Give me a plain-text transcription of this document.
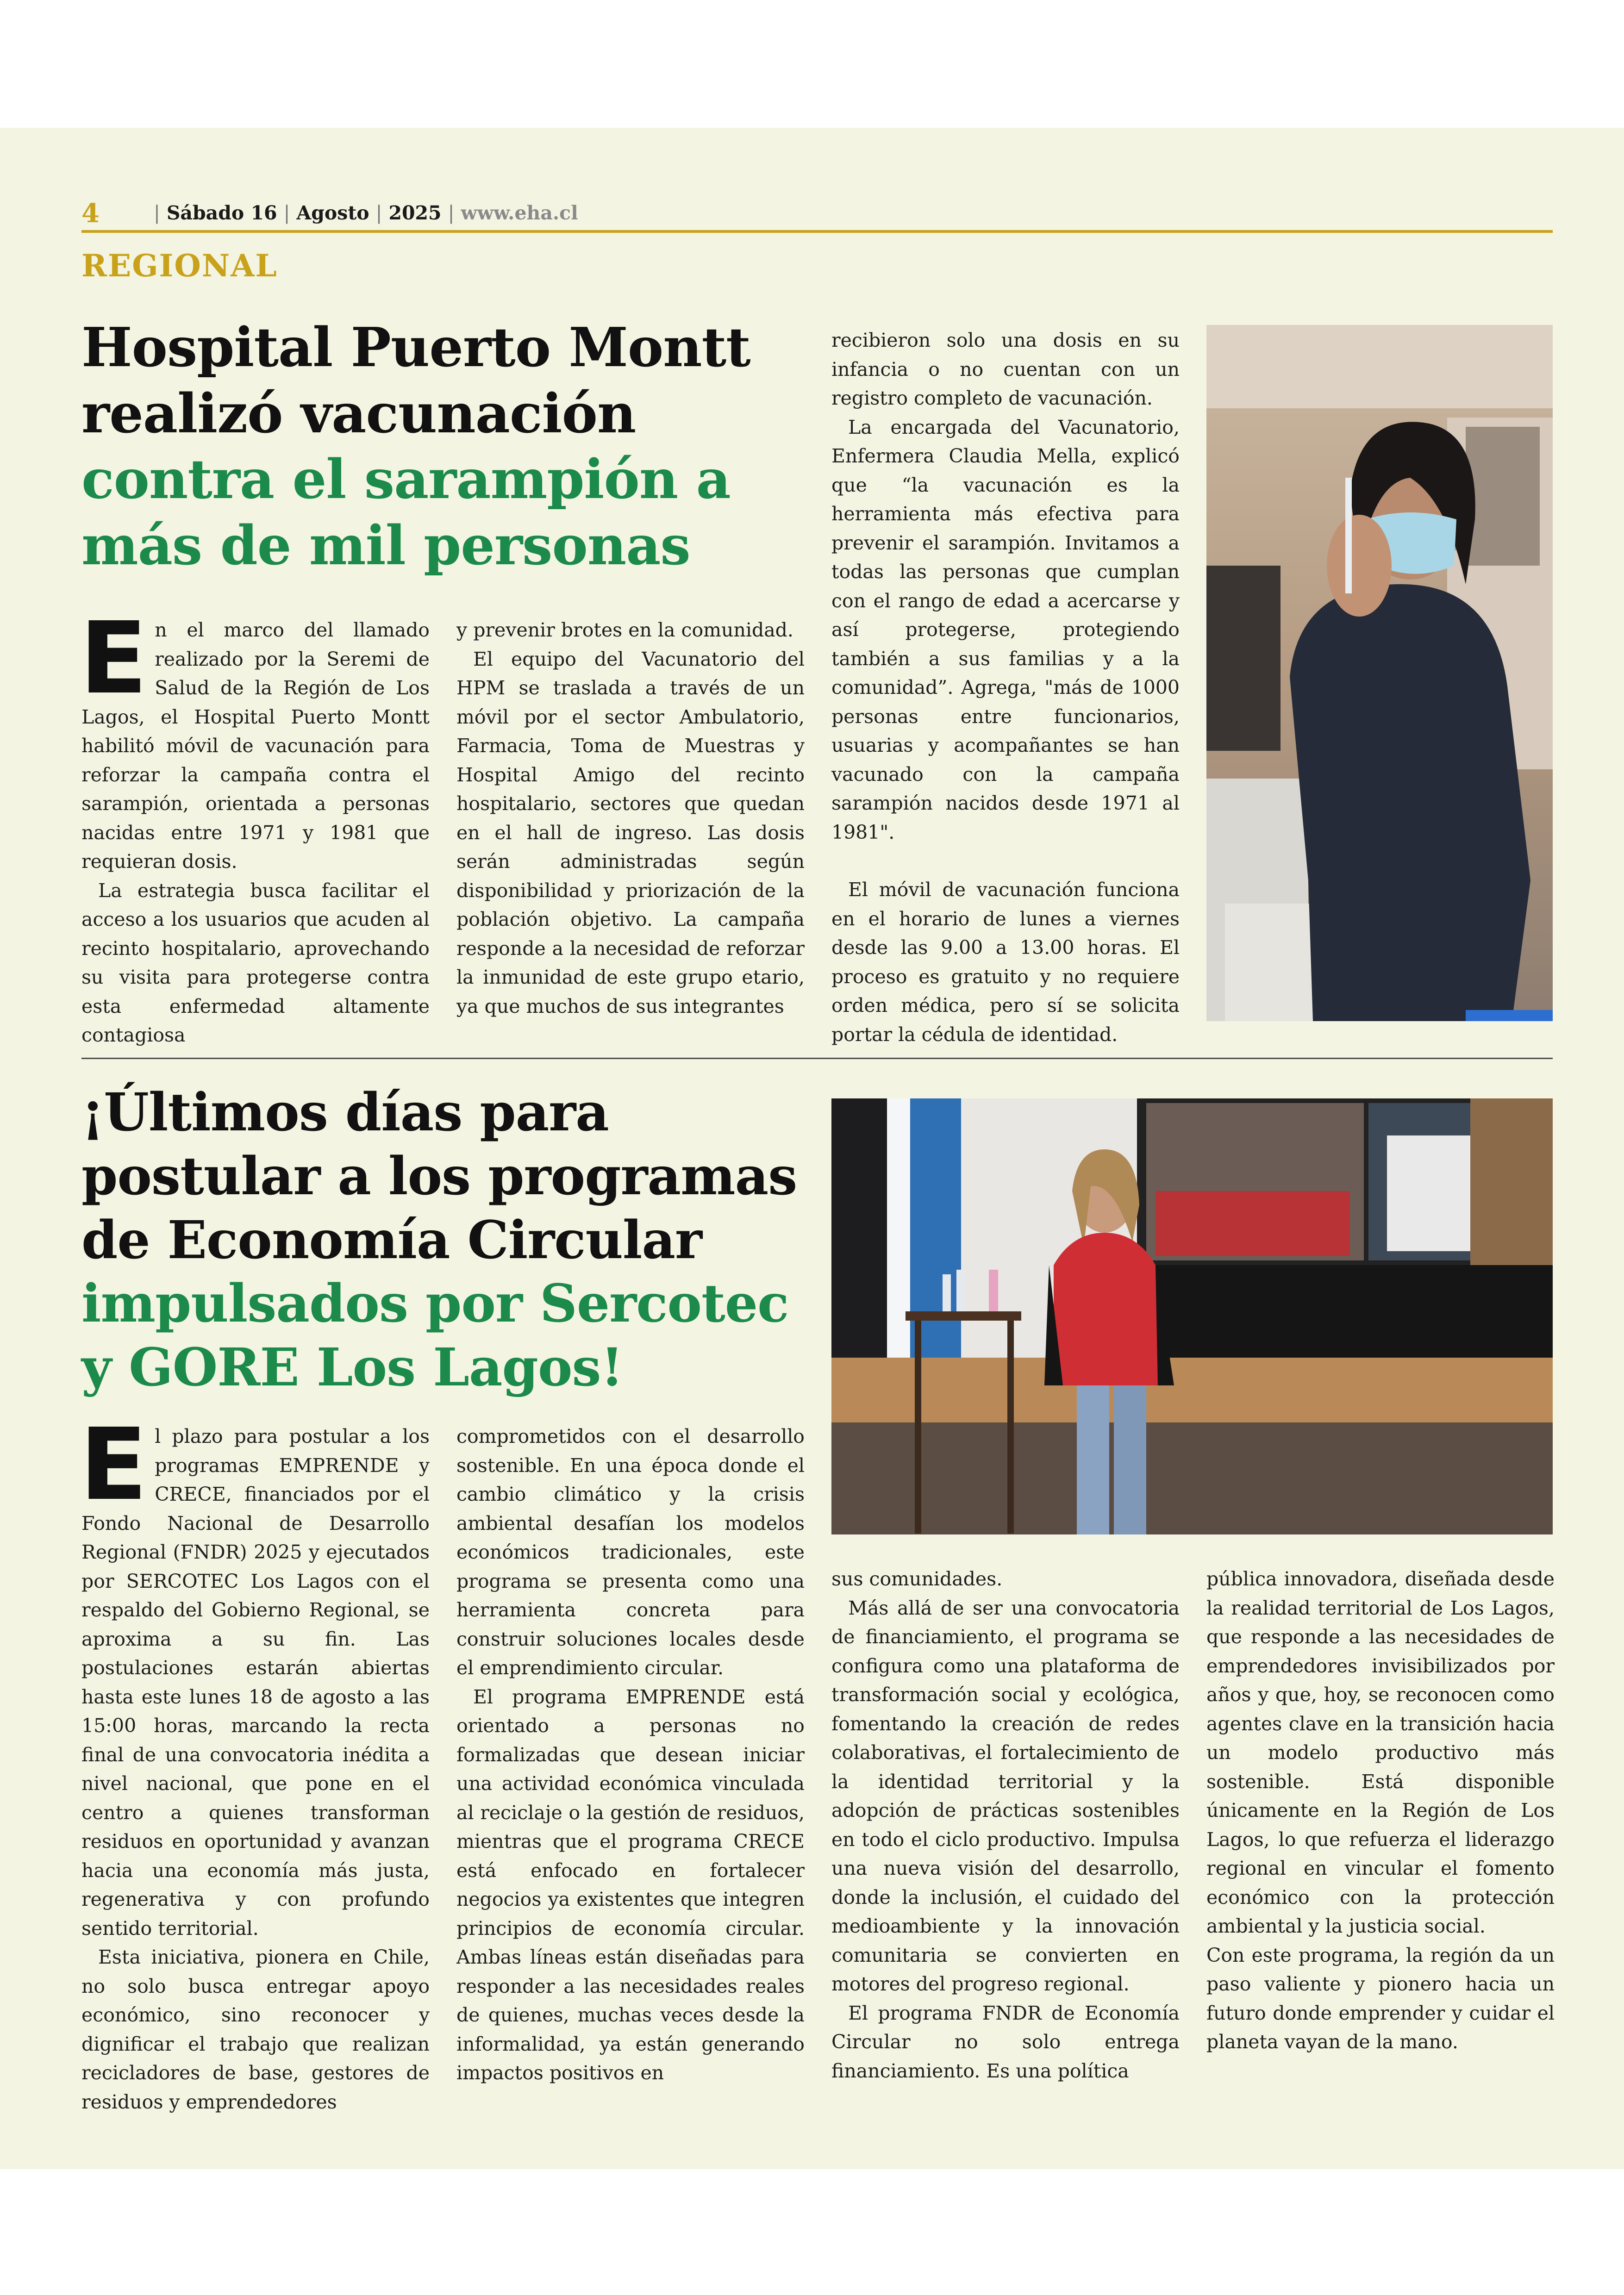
4	| Sábado 16 | Agosto | 2025 | www.eha.cl
REGIONAL
Hospital Puerto Montt
realizó vacunación
contra el sarampión a
más de mil personas
E n el marco del llamado realizado por la Seremi de Salud de la Región de Los Lagos, el Hospital Puerto Montt habilitó móvil de vacunación para reforzar la campaña contra el sarampión, orientada a personas nacidas entre 1971 y 1981 que requieran dosis.

La estrategia busca facilitar el acceso a los usuarios que acuden al recinto hospitalario, aprovechando su visita para protegerse contra esta enfermedad altamente contagiosa

y prevenir brotes en la comunidad.

El equipo del Vacunatorio del HPM se traslada a través de un móvil por el sector Ambulatorio, Farmacia, Toma de Muestras y Hospital Amigo del recinto hospitalario, sectores que quedan en el hall de ingreso. Las dosis serán administradas según disponibilidad y priorización de la población objetivo. La campaña responde a la necesidad de reforzar la inmunidad de este grupo etario, ya que muchos de sus integrantes

recibieron solo una dosis en su infancia o no cuentan con un registro completo de vacunación.

La encargada del Vacunatorio, Enfermera Claudia Mella, explicó que “la vacunación es la herramienta más efectiva para prevenir el sarampión. Invitamos a todas las personas que cumplan con el rango de edad a acercarse y así protegerse, protegiendo también a sus familias y a la comunidad”. Agrega, "más de 1000 personas entre funcionarios, usuarias y acompañantes se han vacunado con la campaña sarampión nacidos desde 1971 al 1981".

El móvil de vacunación funciona en el horario de lunes a viernes desde las 9.00 a 13.00 horas. El proceso es gratuito y no requiere orden médica, pero sí se solicita portar la cédula de identidad.

¡Últimos días para
postular a los programas
de Economía Circular
impulsados por Sercotec
y GORE Los Lagos!
E l plazo para postular a los programas EMPRENDE y CRECE, financiados por el Fondo Nacional de Desarrollo Regional (FNDR) 2025 y ejecutados por SERCOTEC Los Lagos con el respaldo del Gobierno Regional, se aproxima a su fin. Las postulaciones estarán abiertas hasta este lunes 18 de agosto a las 15:00 horas, marcando la recta final de una convocatoria inédita a nivel nacional, que pone en el centro a quienes transforman residuos en oportunidad y avanzan hacia una economía más justa, regenerativa y con profundo sentido territorial.

Esta iniciativa, pionera en Chile, no solo busca entregar apoyo económico, sino reconocer y dignificar el trabajo que realizan recicladores de base, gestores de residuos y emprendedores

comprometidos con el desarrollo sostenible. En una época donde el cambio climático y la crisis ambiental desafían los modelos económicos tradicionales, este programa se presenta como una herramienta concreta para construir soluciones locales desde el emprendimiento circular.

El programa EMPRENDE está orientado a personas no formalizadas que desean iniciar una actividad económica vinculada al reciclaje o la gestión de residuos, mientras que el programa CRECE está enfocado en fortalecer negocios ya existentes que integren principios de economía circular. Ambas líneas están diseñadas para responder a las necesidades reales de quienes, muchas veces desde la informalidad, ya están generando impactos positivos en

sus comunidades.

Más allá de ser una convocatoria de financiamiento, el programa se configura como una plataforma de transformación social y ecológica, fomentando la creación de redes colaborativas, el fortalecimiento de la identidad territorial y la adopción de prácticas sostenibles en todo el ciclo productivo. Impulsa una nueva visión del desarrollo, donde la inclusión, el cuidado del medioambiente y la innovación comunitaria se convierten en motores del progreso regional.

El programa FNDR de Economía Circular no solo entrega financiamiento. Es una política

pública innovadora, diseñada desde la realidad territorial de Los Lagos, que responde a las necesidades de emprendedores invisibilizados por años y que, hoy, se reconocen como agentes clave en la transición hacia un modelo productivo más sostenible. Está disponible únicamente en la Región de Los Lagos, lo que refuerza el liderazgo regional en vincular el fomento económico con la protección ambiental y la justicia social.

Con este programa, la región da un paso valiente y pionero hacia un futuro donde emprender y cuidar el planeta vayan de la mano.
